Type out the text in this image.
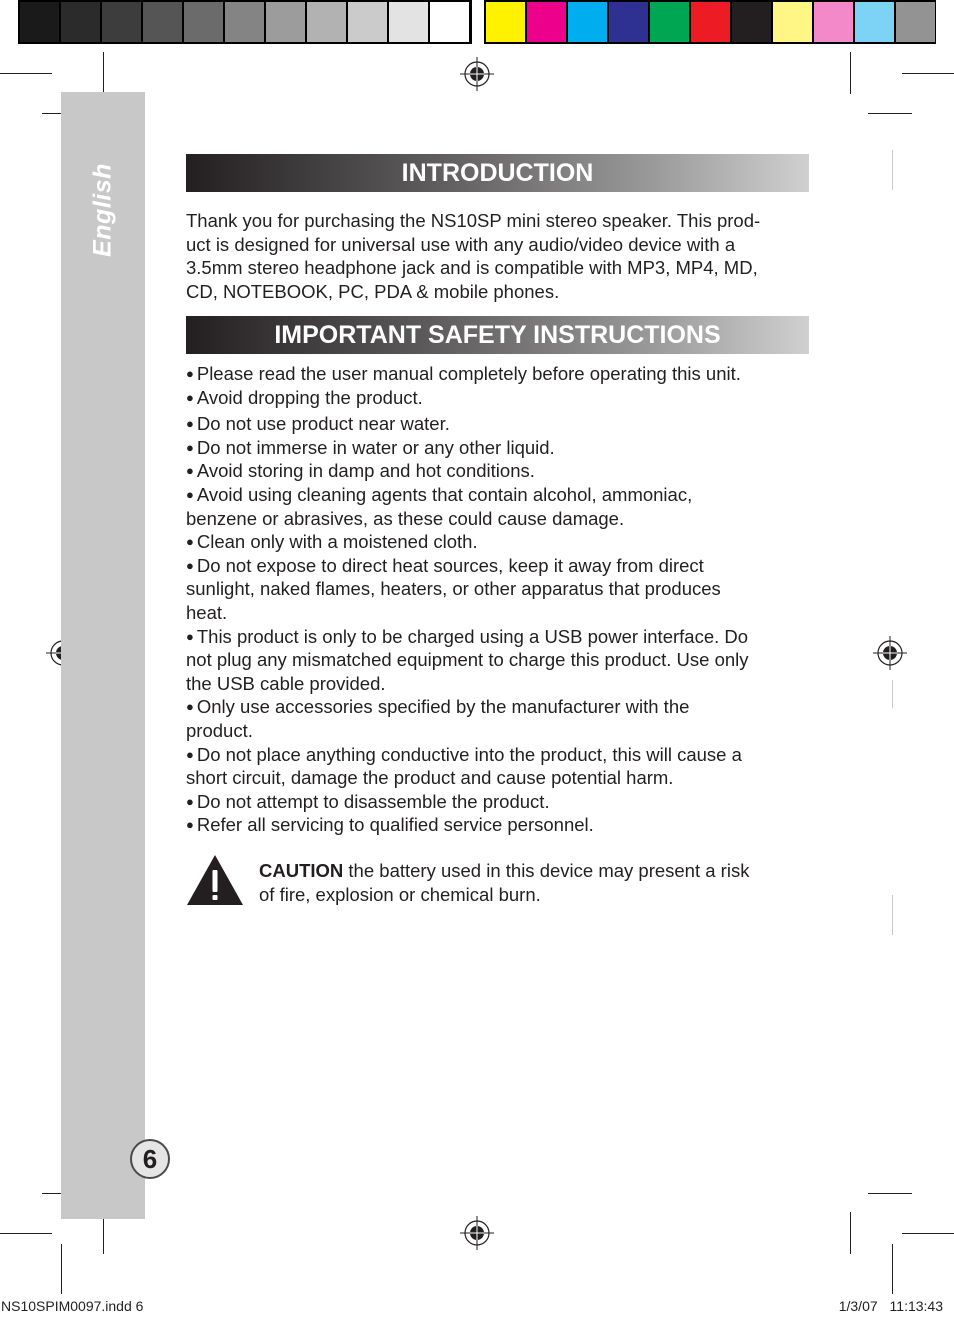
English
6
INTRODUCTION

Thank you for purchasing the NS10SP mini stereo speaker. This prod-
uct is designed for universal use with any audio/video device with a
3.5mm stereo headphone jack and is compatible with MP3, MP4, MD,
CD, NOTEBOOK, PC, PDA & mobile phones.

IMPORTANT SAFETY INSTRUCTIONS
● Please read the user manual completely before operating this unit.
● Avoid dropping the product.
● Do not use product near water.
● Do not immerse in water or any other liquid.
● Avoid storing in damp and hot conditions.
● Avoid using cleaning agents that contain alcohol, ammoniac,
benzene or abrasives, as these could cause damage.
● Clean only with a moistened cloth.
● Do not expose to direct heat sources, keep it away from direct
sunlight, naked flames, heaters, or other apparatus that produces
heat.
● This product is only to be charged using a USB power interface. Do
not plug any mismatched equipment to charge this product. Use only
the USB cable provided.
● Only use accessories specified by the manufacturer with the
product.
● Do not place anything conductive into the product, this will cause a
short circuit, damage the product and cause potential harm.
● Do not attempt to disassemble the product.
● Refer all servicing to qualified service personnel.

CAUTION the battery used in this device may present a risk
of fire, explosion or chemical burn.

NS10SPIM0097.indd 6	1/3/07 11:13:43
